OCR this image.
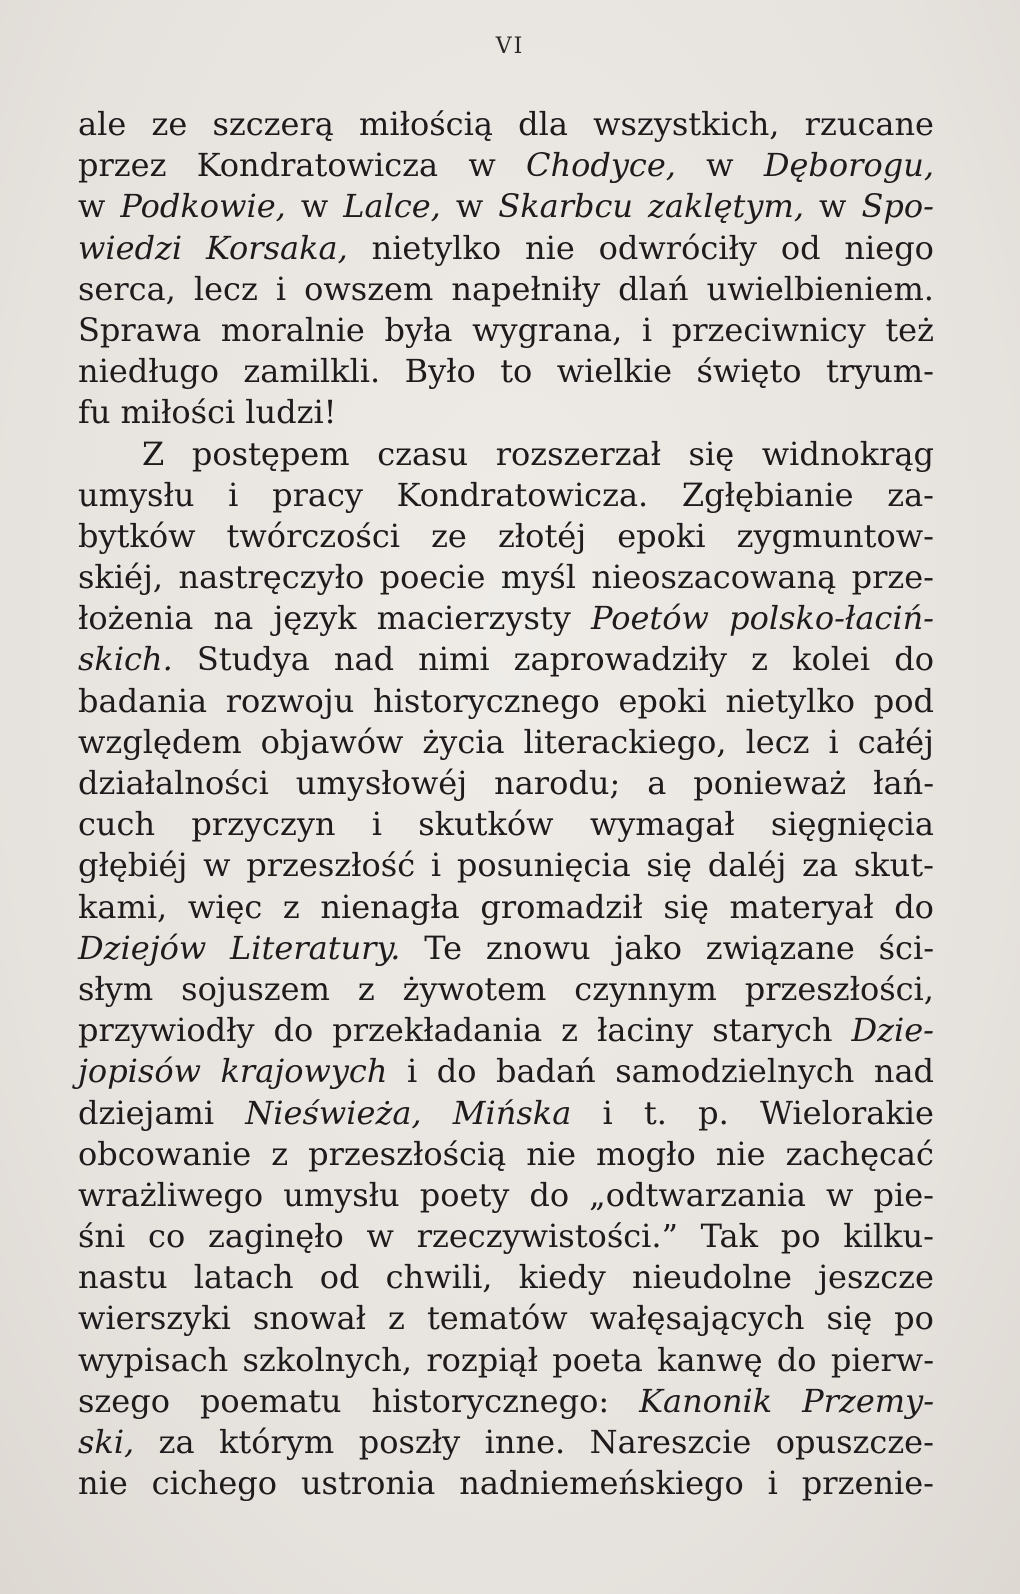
VI
ale ze szczerą miłością dla wszystkich, rzucane
przez Kondratowicza w Chodyce, w Dęborogu,
w Podkowie, w Lalce, w Skarbcu zaklętym, w Spo-
wiedzi Korsaka, nietylko nie odwróciły od niego
serca, lecz i owszem napełniły dlań uwielbieniem.
Sprawa moralnie była wygrana, i przeciwnicy też
niedługo zamilkli. Było to wielkie święto tryum-
fu miłości ludzi!
Z postępem czasu rozszerzał się widnokrąg
umysłu i pracy Kondratowicza. Zgłębianie za-
bytków twórczości ze złotéj epoki zygmuntow-
skiéj, nastręczyło poecie myśl nieoszacowaną prze-
łożenia na język macierzysty Poetów polsko-łaciń-
skich. Studya nad nimi zaprowadziły z kolei do
badania rozwoju historycznego epoki nietylko pod
względem objawów życia literackiego, lecz i całéj
działalności umysłowéj narodu; a ponieważ łań-
cuch przyczyn i skutków wymagał sięgnięcia
głębiéj w przeszłość i posunięcia się daléj za skut-
kami, więc z nienagła gromadził się materyał do
Dziejów Literatury. Te znowu jako związane ści-
słym sojuszem z żywotem czynnym przeszłości,
przywiodły do przekładania z łaciny starych Dzie-
jopisów krajowych i do badań samodzielnych nad
dziejami Nieświeża, Mińska i t. p. Wielorakie
obcowanie z przeszłością nie mogło nie zachęcać
wrażliwego umysłu poety do „odtwarzania w pie-
śni co zaginęło w rzeczywistości.” Tak po kilku-
nastu latach od chwili, kiedy nieudolne jeszcze
wierszyki snował z tematów wałęsających się po
wypisach szkolnych, rozpiął poeta kanwę do pierw-
szego poematu historycznego: Kanonik Przemy-
ski, za którym poszły inne. Nareszcie opuszcze-
nie cichego ustronia nadniemeńskiego i przenie-
